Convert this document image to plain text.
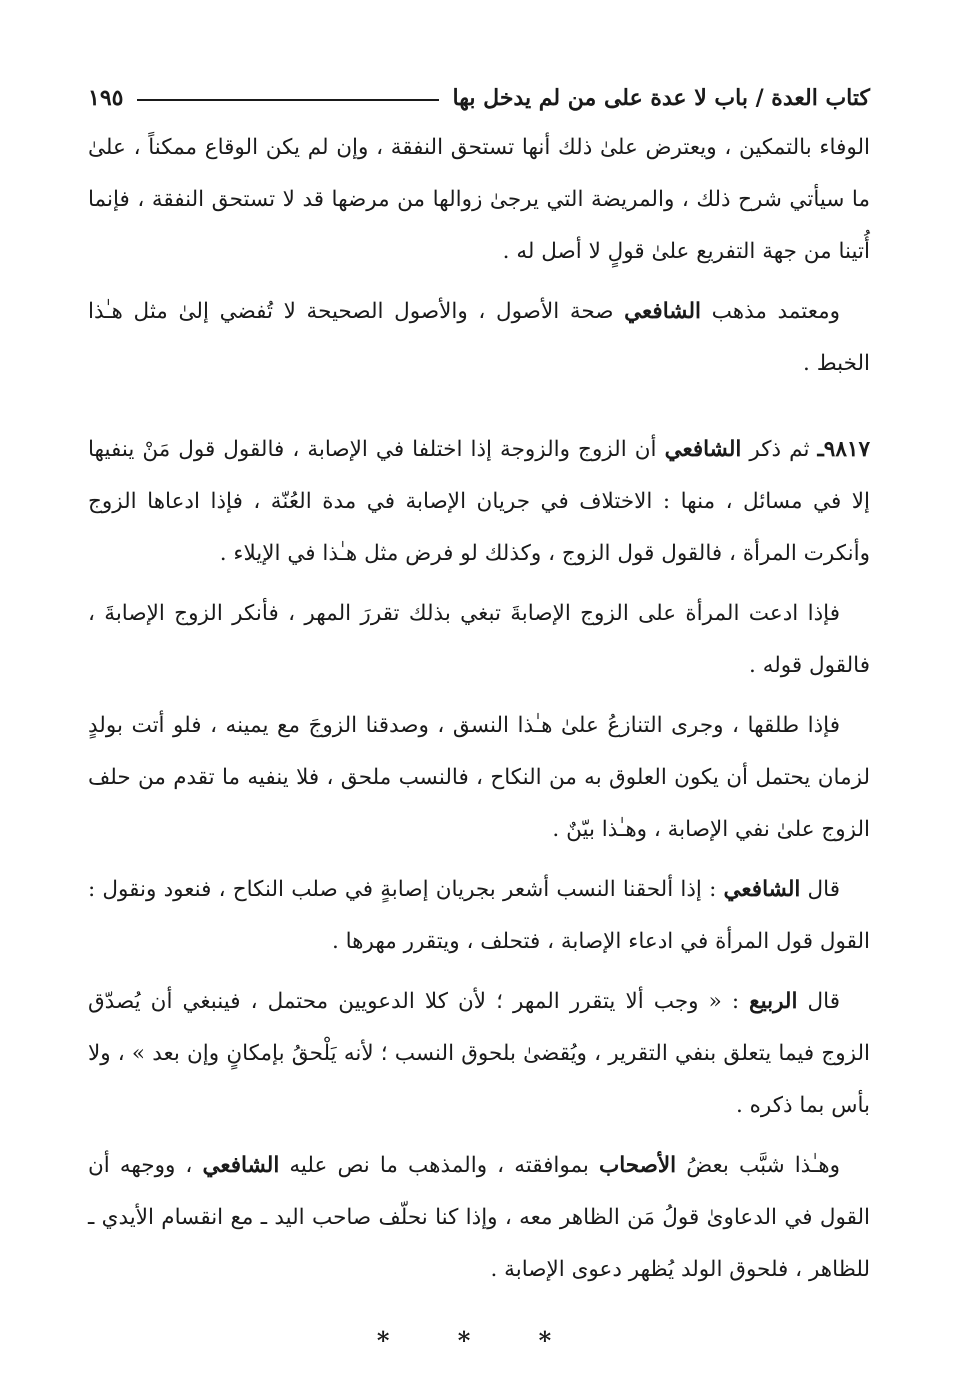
كتاب العدة / باب لا عدة على من لم يدخل بها
١٩٥

الوفاء بالتمكين ، ويعترض علىٰ ذلك أنها تستحق النفقة ، وإن لم يكن الوقاع ممكناً ، علىٰ ما سيأتي شرح ذلك ، والمريضة التي يرجىٰ زوالها من مرضها قد لا تستحق النفقة ، فإنما أُتينا من جهة التفريع علىٰ قولٍ لا أصل له .

ومعتمد مذهب الشافعي صحة الأصول ، والأصول الصحيحة لا تُفضي إلىٰ مثل هـٰذا الخبط .

٩٨١٧ـ ثم ذكر الشافعي أن الزوج والزوجة إذا اختلفا في الإصابة ، فالقول قول مَنْ ينفيها إلا في مسائل ، منها : الاختلاف في جريان الإصابة في مدة العُنّة ، فإذا ادعاها الزوج وأنكرت المرأة ، فالقول قول الزوج ، وكذلك لو فرض مثل هـٰذا في الإيلاء .

فإذا ادعت المرأة على الزوج الإصابةَ تبغي بذلك تقررَ المهر ، فأنكر الزوج الإصابةَ ، فالقول قوله .

فإذا طلقها ، وجرى التنازعُ علىٰ هـٰذا النسق ، وصدقنا الزوجَ مع يمينه ، فلو أتت بولدٍ لزمان يحتمل أن يكون العلوق به من النكاح ، فالنسب ملحق ، فلا ينفيه ما تقدم من حلف الزوج علىٰ نفي الإصابة ، وهـٰذا بيّنٌ .

قال الشافعي : إذا ألحقنا النسب أشعر بجريان إصابةٍ في صلب النكاح ، فنعود ونقول : القول قول المرأة في ادعاء الإصابة ، فتحلف ، ويتقرر مهرها .

قال الربيع : « وجب ألا يتقرر المهر ؛ لأن كلا الدعويين محتمل ، فينبغي أن يُصدّق الزوج فيما يتعلق بنفي التقرير ، ويُقضىٰ بلحوق النسب ؛ لأنه يَلْحقُ بإمكانٍ وإن بعد » ، ولا بأس بما ذكره .

وهـٰذا شبَّب بعضُ الأصحاب بموافقته ، والمذهب ما نص عليه الشافعي ، ووجهه أن القول في الدعاوىٰ قولُ مَن الظاهر معه ، وإذا كنا نحلّف صاحب اليد ـ مع انقسام الأيدي ـ للظاهر ، فلحوق الولد يُظهر دعوى الإصابة .

* * *
